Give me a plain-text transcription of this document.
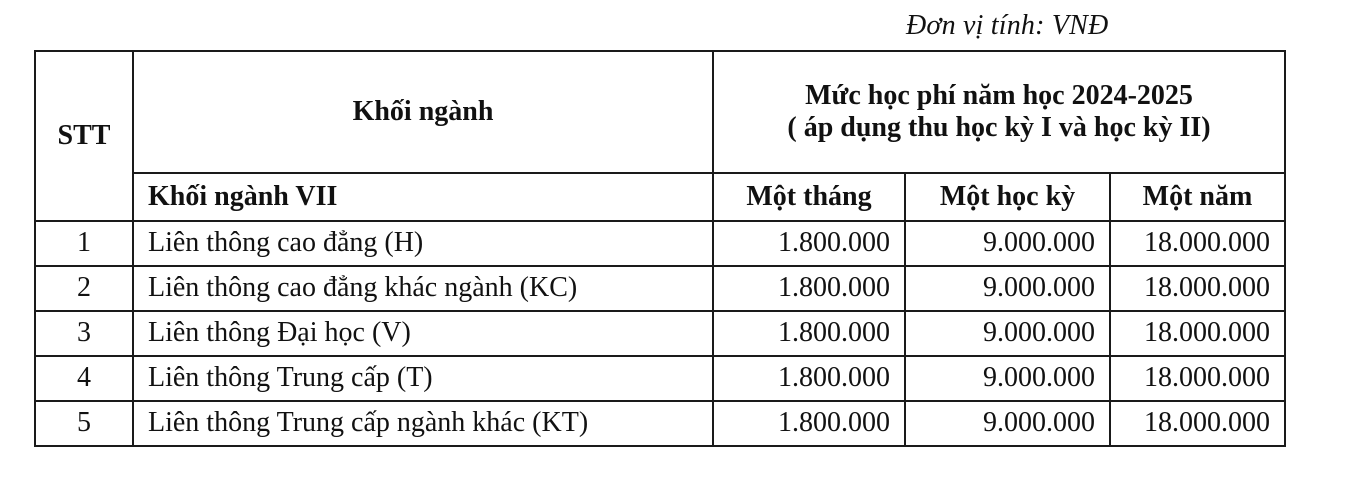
Đơn vị tính: VNĐ
STT	Khối ngành	Mức học phí năm học 2024-2025
( áp dụng thu học kỳ I và học kỳ II)		

	Khối ngành VII	Một tháng	Một học kỳ	Một năm
1	Liên thông cao đẳng (H)	1.800.000	9.000.000	18.000.000
2	Liên thông cao đẳng khác ngành (KC)	1.800.000	9.000.000	18.000.000
3	Liên thông Đại học (V)	1.800.000	9.000.000	18.000.000
4	Liên thông Trung cấp (T)	1.800.000	9.000.000	18.000.000
5	Liên thông Trung cấp ngành khác (KT)	1.800.000	9.000.000	18.000.000
